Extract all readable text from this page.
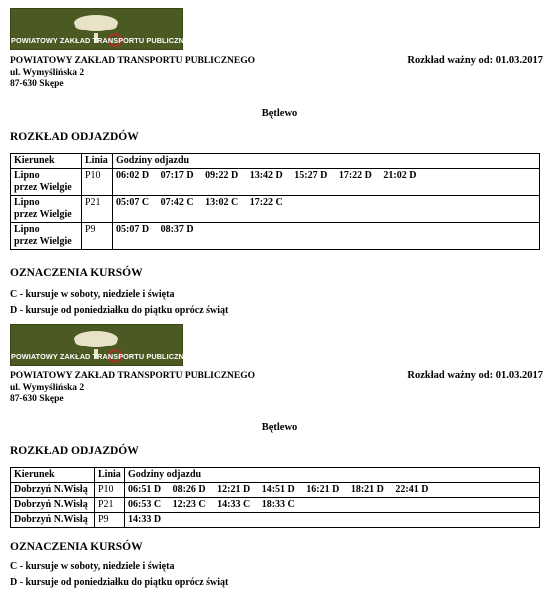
POWIATOWY ZAKŁAD TRANSPORTU PUBLICZNEGO
POWIATOWY ZAKŁAD TRANSPORTU PUBLICZNEGO
ul. Wymyślińska 2
87-630 Skępe
Rozkład ważny od: 01.03.2017
Bętlewo
ROZKŁAD ODJAZDÓW
Kierunek	Linia	Godziny odjazdu

Lipno
przez Wielgie	P10	06:02 D 07:17 D 09:22 D 13:42 D 15:27 D 17:22 D 21:02 D

Lipno
przez Wielgie	P21	05:07 C 07:42 C 13:02 C 17:22 C

Lipno
przez Wielgie	P9	05:07 D 08:37 D
OZNACZENIA KURSÓW
C - kursuje w soboty, niedziele i święta
D - kursuje od poniedziałku do piątku oprócz świąt
POWIATOWY ZAKŁAD TRANSPORTU PUBLICZNEGO
POWIATOWY ZAKŁAD TRANSPORTU PUBLICZNEGO
ul. Wymyślińska 2
87-630 Skępe
Rozkład ważny od: 01.03.2017
Bętlewo
ROZKŁAD ODJAZDÓW
Kierunek	Linia	Godziny odjazdu
Dobrzyń N.Wisłą	P10	06:51 D 08:26 D 12:21 D 14:51 D 16:21 D 18:21 D 22:41 D
Dobrzyń N.Wisłą	P21	06:53 C 12:23 C 14:33 C 18:33 C
Dobrzyń N.Wisłą	P9	14:33 D
OZNACZENIA KURSÓW
C - kursuje w soboty, niedziele i święta
D - kursuje od poniedziałku do piątku oprócz świąt
